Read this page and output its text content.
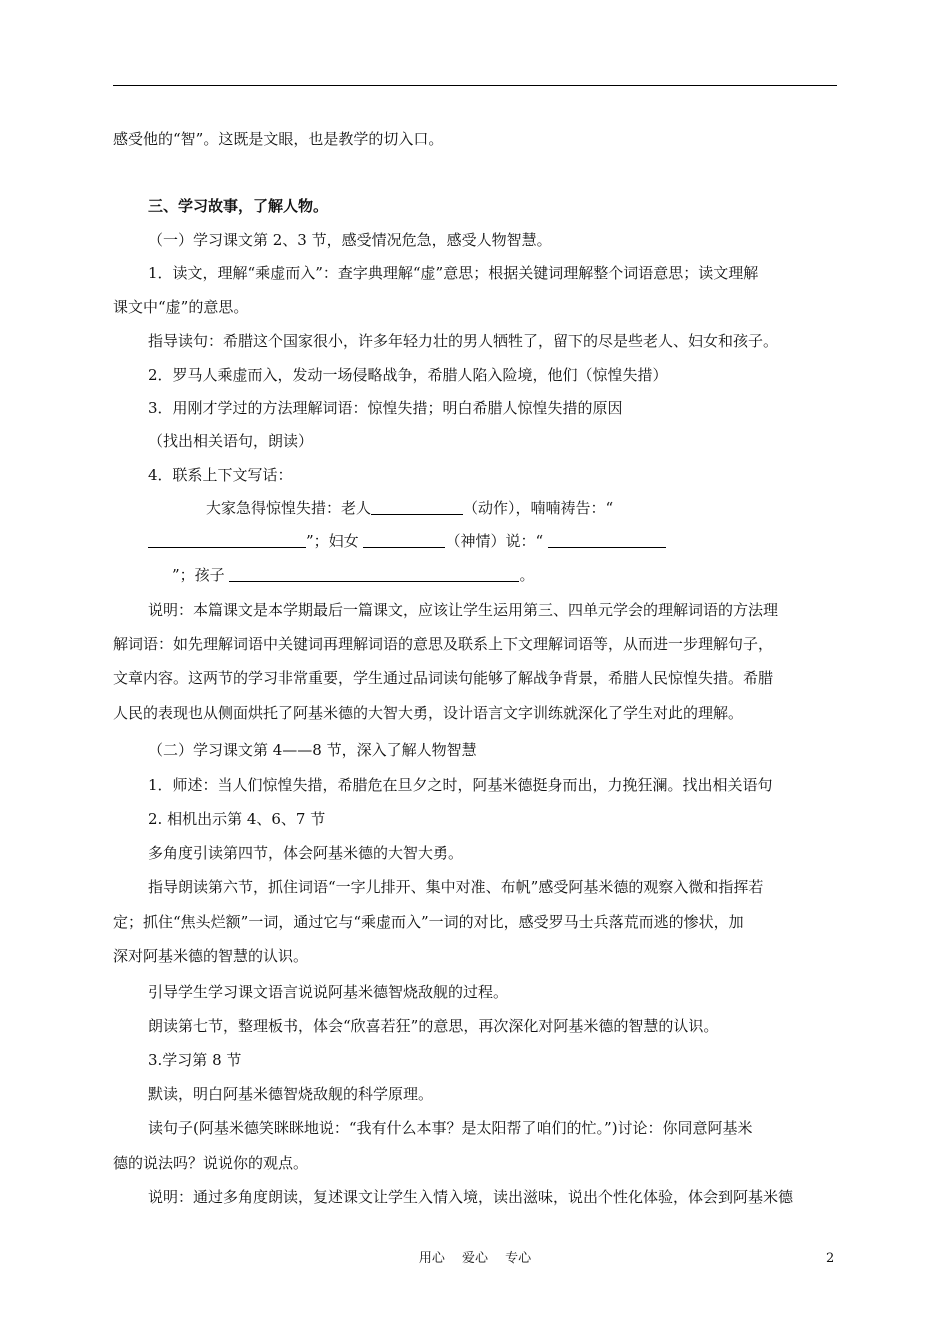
感受他的“智”。这既是文眼，也是教学的切入口。
三、学习故事，了解人物。
（一）学习课文第 2、3 节，感受情况危急，感受人物智慧。
1．读文，理解“乘虚而入”：查字典理解“虚”意思；根据关键词理解整个词语意思；读文理解
课文中“虚”的意思。
指导读句：希腊这个国家很小，许多年轻力壮的男人牺牲了，留下的尽是些老人、妇女和孩子。
2．罗马人乘虚而入，发动一场侵略战争，希腊人陷入险境，他们（惊惶失措）
3．用刚才学过的方法理解词语：惊惶失措；明白希腊人惊惶失措的原因
（找出相关语句，朗读）
4．联系上下文写话：
大家急得惊惶失措：老人	（动作），喃喃祷告：“
”；妇女	（神情）说：“
”；孩子	。
说明：本篇课文是本学期最后一篇课文，应该让学生运用第三、四单元学会的理解词语的方法理
解词语：如先理解词语中关键词再理解词语的意思及联系上下文理解词语等，从而进一步理解句子，
文章内容。这两节的学习非常重要，学生通过品词读句能够了解战争背景，希腊人民惊惶失措。希腊
人民的表现也从侧面烘托了阿基米德的大智大勇，设计语言文字训练就深化了学生对此的理解。
（二）学习课文第 4——8 节，深入了解人物智慧
1．师述：当人们惊惶失措，希腊危在旦夕之时，阿基米德挺身而出，力挽狂澜。找出相关语句
2. 相机出示第 4、6、7 节
多角度引读第四节，体会阿基米德的大智大勇。
指导朗读第六节，抓住词语“一字儿排开、集中对准、布帆”感受阿基米德的观察入微和指挥若
定；抓住“焦头烂额”一词，通过它与“乘虚而入”一词的对比，感受罗马士兵落荒而逃的惨状，加
深对阿基米德的智慧的认识。
引导学生学习课文语言说说阿基米德智烧敌舰的过程。
朗读第七节，整理板书，体会“欣喜若狂”的意思，再次深化对阿基米德的智慧的认识。
3.学习第 8 节
默读，明白阿基米德智烧敌舰的科学原理。
读句子(阿基米德笑眯眯地说：“我有什么本事？是太阳帮了咱们的忙。”)讨论：你同意阿基米
德的说法吗？说说你的观点。
说明：通过多角度朗读，复述课文让学生入情入境，读出滋味，说出个性化体验，体会到阿基米德
用心　 爱心　 专心	2
